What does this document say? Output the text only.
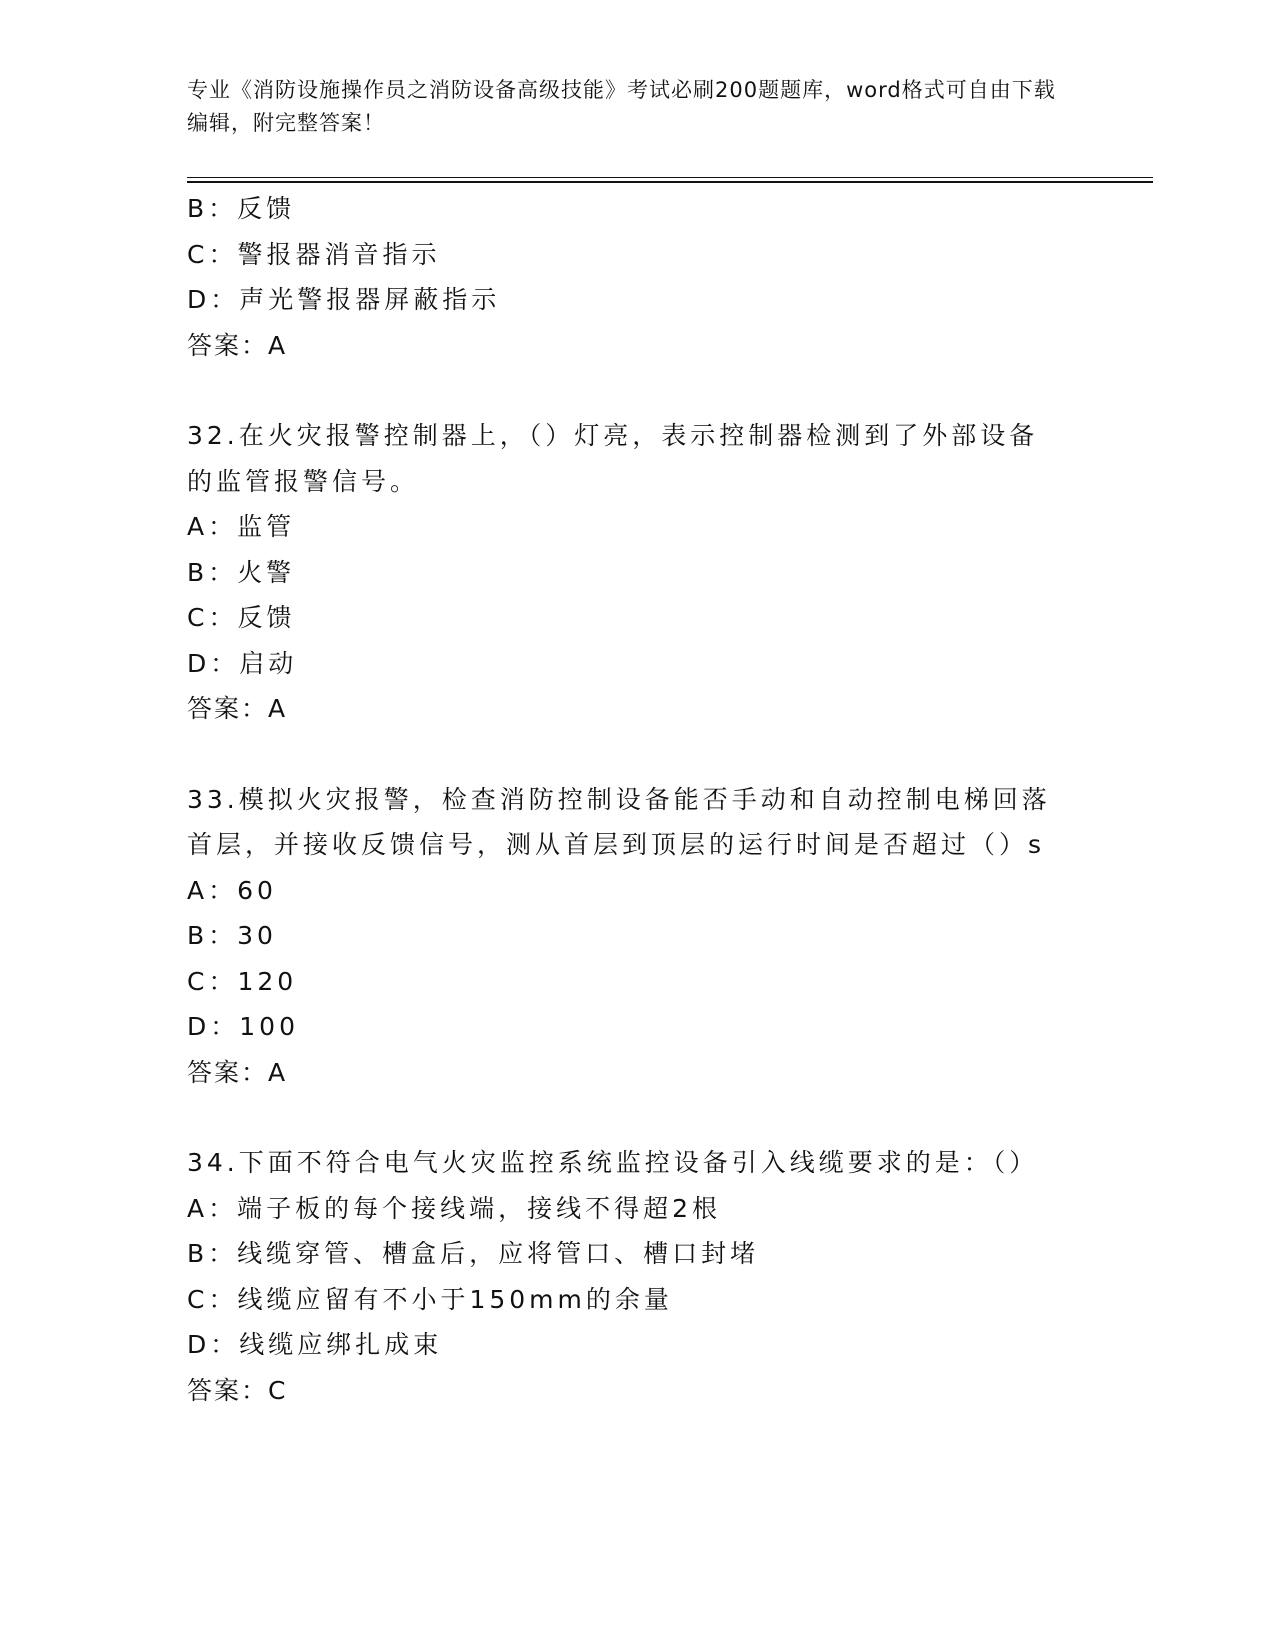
专业《消防设施操作员之消防设备高级技能》考试必刷200题题库，word格式可自由下载编辑，附完整答案！
B：反馈
C：警报器消音指示
D：声光警报器屏蔽指示
答案：A
32.在火灾报警控制器上，（）灯亮，表示控制器检测到了外部设备的监管报警信号。
A：监管
B：火警
C：反馈
D：启动
答案：A
33.模拟火灾报警，检查消防控制设备能否手动和自动控制电梯回落首层，并接收反馈信号，测从首层到顶层的运行时间是否超过（）s
A：60
B：30
C：120
D：100
答案：A
34.下面不符合电气火灾监控系统监控设备引入线缆要求的是：（）
A：端子板的每个接线端，接线不得超2根
B：线缆穿管、槽盒后，应将管口、槽口封堵
C：线缆应留有不小于150mm的余量
D：线缆应绑扎成束
答案：C
